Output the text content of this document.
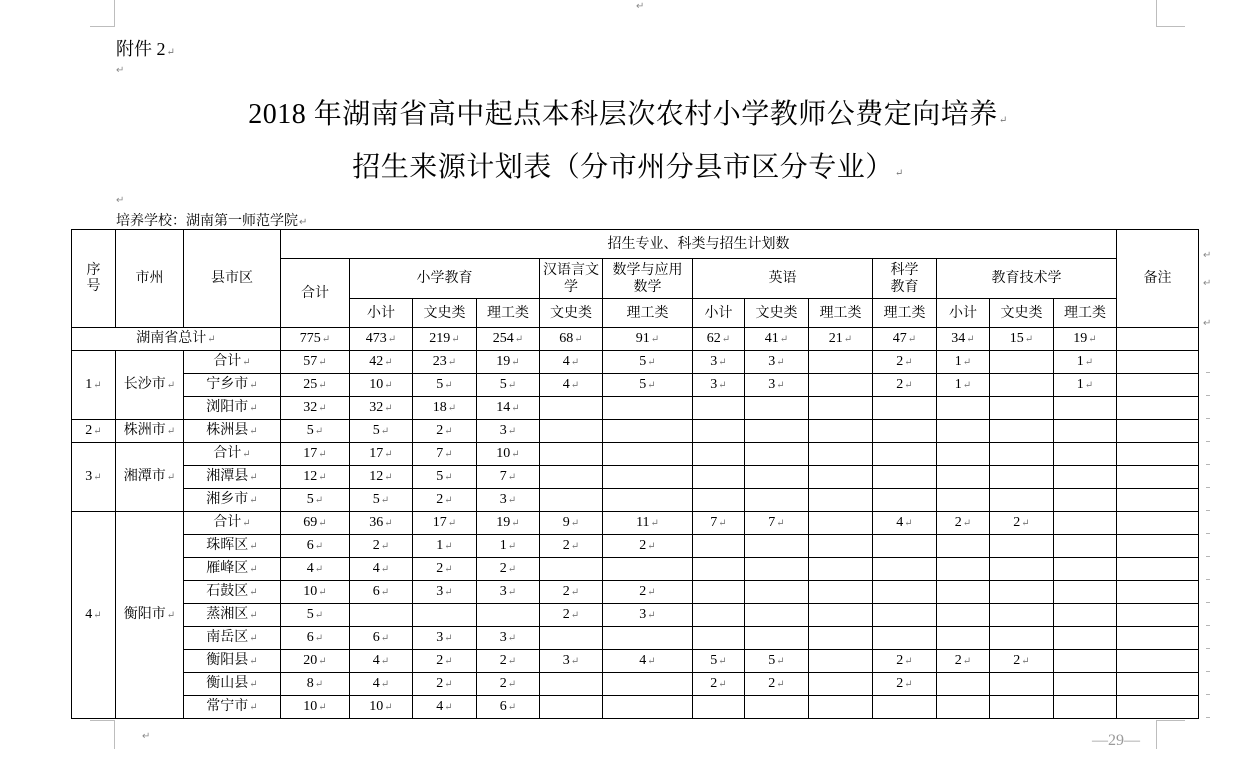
↵
↵
↵
↵
附件 2↵
2018 年湖南省高中起点本科层次农村小学教师公费定向培养↵
招生来源计划表（分市州分县市区分专业）↵
培养学校：湖南第一师范学院↵
序号	市州	县市区	招生专业、科类与招生计划数													备注
			合计	小学教育			汉语言文学	数学与应用数学	英语			科学教育	教育技术学			
				小计	文史类	理工类	文史类	理工类	小计	文史类	理工类	理工类	小计	文史类	理工类	
湖南省总计↵			775↵	473↵	219↵	254↵	68↵	91↵	62↵	41↵	21↵	47↵	34↵	15↵	19↵	
1↵	长沙市↵	合计↵	57↵	42↵	23↵	19↵	4↵	5↵	3↵	3↵		2↵	1↵		1↵	
		宁乡市↵	25↵	10↵	5↵	5↵	4↵	5↵	3↵	3↵		2↵	1↵		1↵	
		浏阳市↵	32↵	32↵	18↵	14↵										
2↵	株洲市↵	株洲县↵	5↵	5↵	2↵	3↵										
3↵	湘潭市↵	合计↵	17↵	17↵	7↵	10↵										
		湘潭县↵	12↵	12↵	5↵	7↵										
		湘乡市↵	5↵	5↵	2↵	3↵										
4↵	衡阳市↵	合计↵	69↵	36↵	17↵	19↵	9↵	11↵	7↵	7↵		4↵	2↵	2↵		
		珠晖区↵	6↵	2↵	1↵	1↵	2↵	2↵								
		雁峰区↵	4↵	4↵	2↵	2↵										
		石鼓区↵	10↵	6↵	3↵	3↵	2↵	2↵								
		蒸湘区↵	5↵				2↵	3↵								
		南岳区↵	6↵	6↵	3↵	3↵										
		衡阳县↵	20↵	4↵	2↵	2↵	3↵	4↵	5↵	5↵		2↵	2↵	2↵		
		衡山县↵	8↵	4↵	2↵	2↵			2↵	2↵		2↵				
		常宁市↵	10↵	10↵	4↵	6↵										
↵
↵
↵
—29—
